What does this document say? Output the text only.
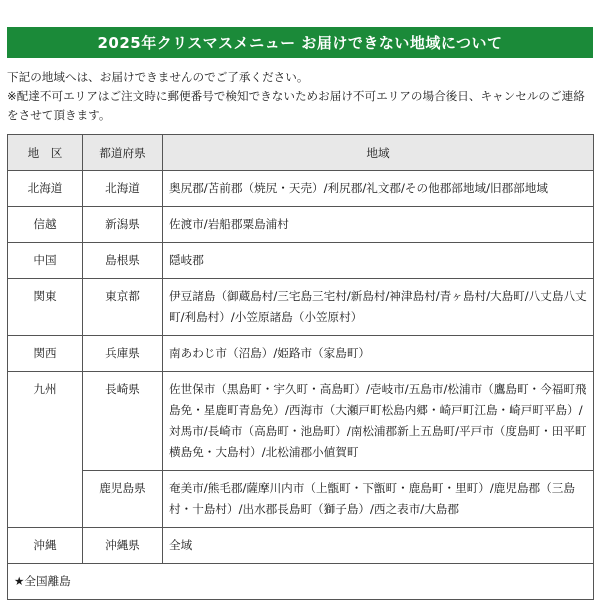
2025年クリスマスメニュー お届けできない地域について

下記の地域へは、お届けできませんのでご了承ください。

※配達不可エリアはご注文時に郵便番号で検知できないためお届け不可エリアの場合後日、キャンセルのご連絡をさせて頂きます。

地　区	都道府県	地域
北海道	北海道	奥尻郡/苫前郡（焼尻・天売）/利尻郡/礼文郡/その他郡部地域/旧郡部地域
信越	新潟県	佐渡市/岩船郡粟島浦村
中国	島根県	隠岐郡
関東	東京都	伊豆諸島（御蔵島村/三宅島三宅村/新島村/神津島村/青ヶ島村/大島町/八丈島八丈町/利島村）/小笠原諸島（小笠原村）
関西	兵庫県	南あわじ市（沼島）/姫路市（家島町）
九州	長崎県	佐世保市（黒島町・宇久町・高島町）/壱岐市/五島市/松浦市（鷹島町・今福町飛島免・星鹿町青島免）/西海市（大瀬戸町松島内郷・崎戸町江島・崎戸町平島）/対馬市/長崎市（高島町・池島町）/南松浦郡新上五島町/平戸市（度島町・田平町横島免・大島村）/北松浦郡小値賀町
	鹿児島県	奄美市/熊毛郡/薩摩川内市（上甑町・下甑町・鹿島町・里町）/鹿児島郡（三島村・十島村）/出水郡長島町（獅子島）/西之表市/大島郡
沖縄	沖縄県	全域
★全国離島		
